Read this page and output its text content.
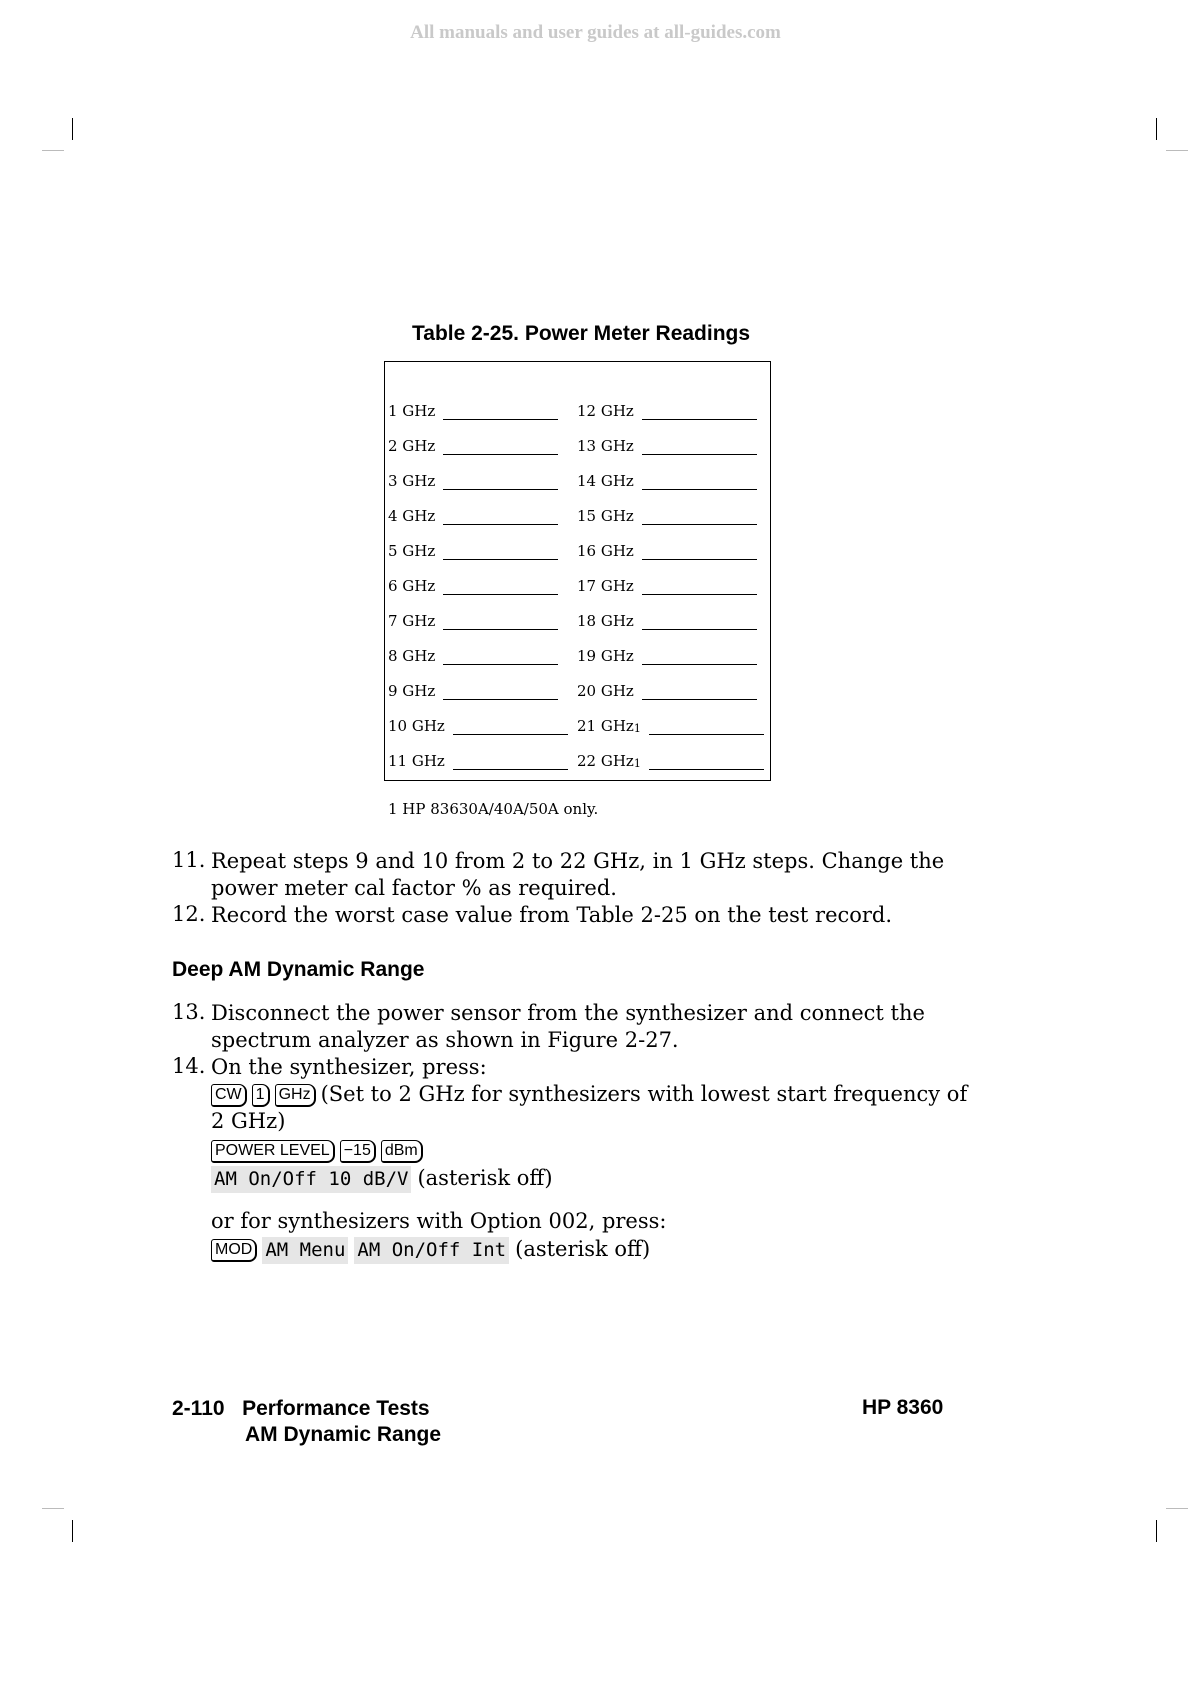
All manuals and user guides at all-guides.com
Table 2-25. Power Meter Readings
1 GHz
2 GHz
3 GHz
4 GHz
5 GHz
6 GHz
7 GHz
8 GHz
9 GHz
10 GHz
11 GHz
12 GHz
13 GHz
14 GHz
15 GHz
16 GHz
17 GHz
18 GHz
19 GHz
20 GHz
21 GHz 1
22 GHz 1
1 HP 83630A/40A/50A only.
11. Repeat steps 9 and 10 from 2 to 22 GHz, in 1 GHz steps. Change the
power meter cal factor % as required.
12. Record the worst case value from Table 2-25 on the test record.
Deep AM Dynamic Range
13. Disconnect the power sensor from the synthesizer and connect the
spectrum analyzer as shown in Figure 2-27.
14. On the synthesizer, press:
CW 1 GHz (Set to 2 GHz for synthesizers with lowest start frequency of
2 GHz)
POWER LEVEL −15 dBm
AM On/Off 10 dB/V (asterisk off)
or for synthesizers with Option 002, press:
MOD AM Menu AM On/Off Int (asterisk off)
2-110 Performance Tests
AM Dynamic Range
HP 8360
